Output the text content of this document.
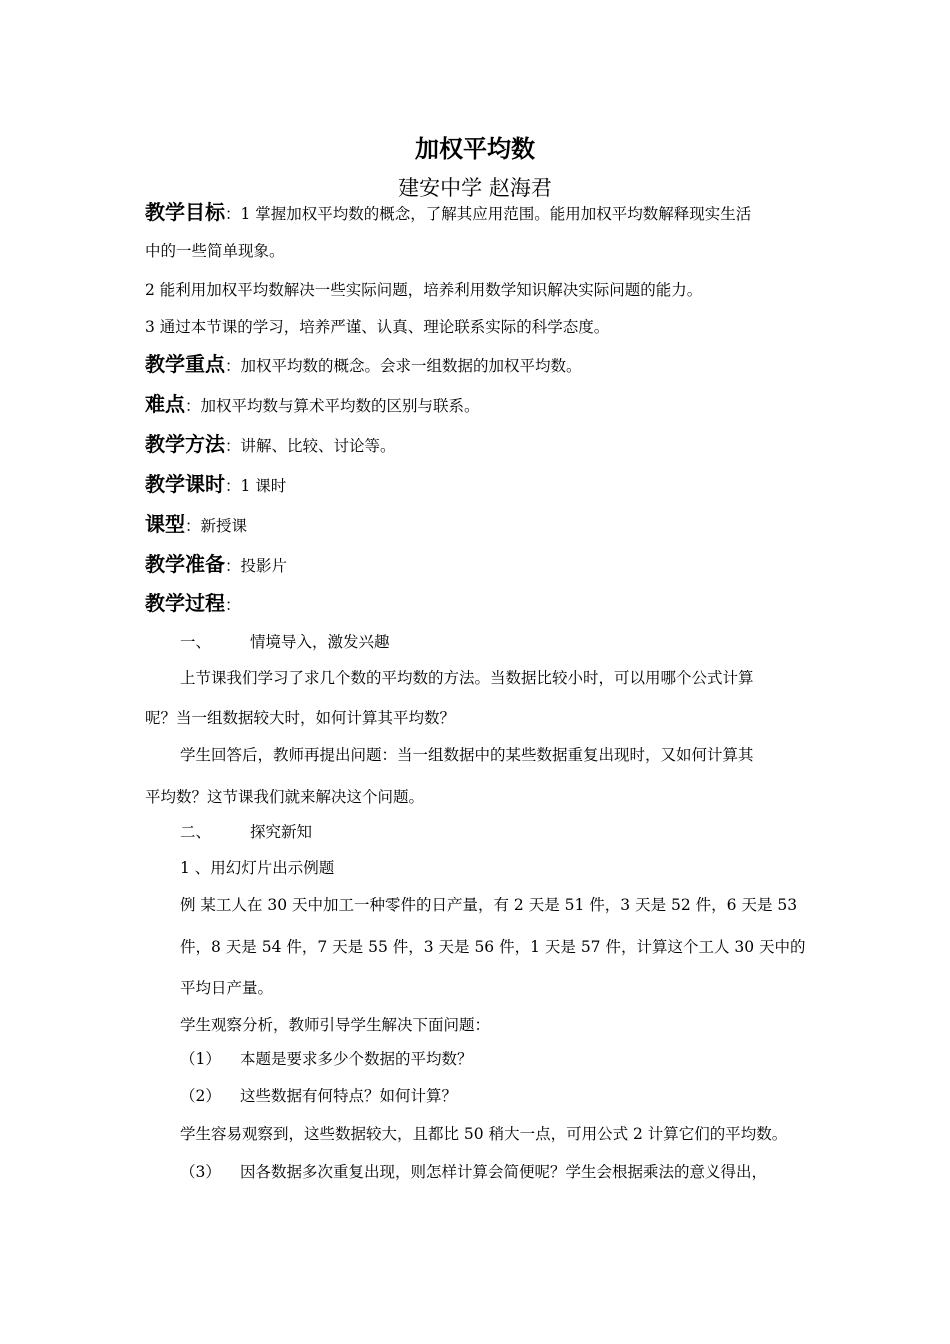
加权平均数
建安中学 赵海君
教学目标：1 掌握加权平均数的概念，了解其应用范围。能用加权平均数解释现实生活
中的一些简单现象。
2 能利用加权平均数解决一些实际问题，培养利用数学知识解决实际问题的能力。
3 通过本节课的学习，培养严谨、认真、理论联系实际的科学态度。
教学重点：加权平均数的概念。会求一组数据的加权平均数。
难点：加权平均数与算术平均数的区别与联系。
教学方法：讲解、比较、讨论等。
教学课时：1 课时
课型：新授课
教学准备：投影片
教学过程：
一、	情境导入，激发兴趣
上节课我们学习了求几个数的平均数的方法。当数据比较小时，可以用哪个公式计算
呢？当一组数据较大时，如何计算其平均数？
学生回答后，教师再提出问题：当一组数据中的某些数据重复出现时，又如何计算其
平均数？这节课我们就来解决这个问题。
二、	探究新知
1 、用幻灯片出示例题
例 某工人在 30 天中加工一种零件的日产量，有 2 天是 51 件，3 天是 52 件，6 天是 53
件，8 天是 54 件，7 天是 55 件，3 天是 56 件，1 天是 57 件，计算这个工人 30 天中的
平均日产量。
学生观察分析，教师引导学生解决下面问题：
（1） 本题是要求多少个数据的平均数？
（2） 这些数据有何特点？如何计算？
学生容易观察到，这些数据较大，且都比 50 稍大一点，可用公式 2 计算它们的平均数。
（3） 因各数据多次重复出现，则怎样计算会简便呢？学生会根据乘法的意义得出，
